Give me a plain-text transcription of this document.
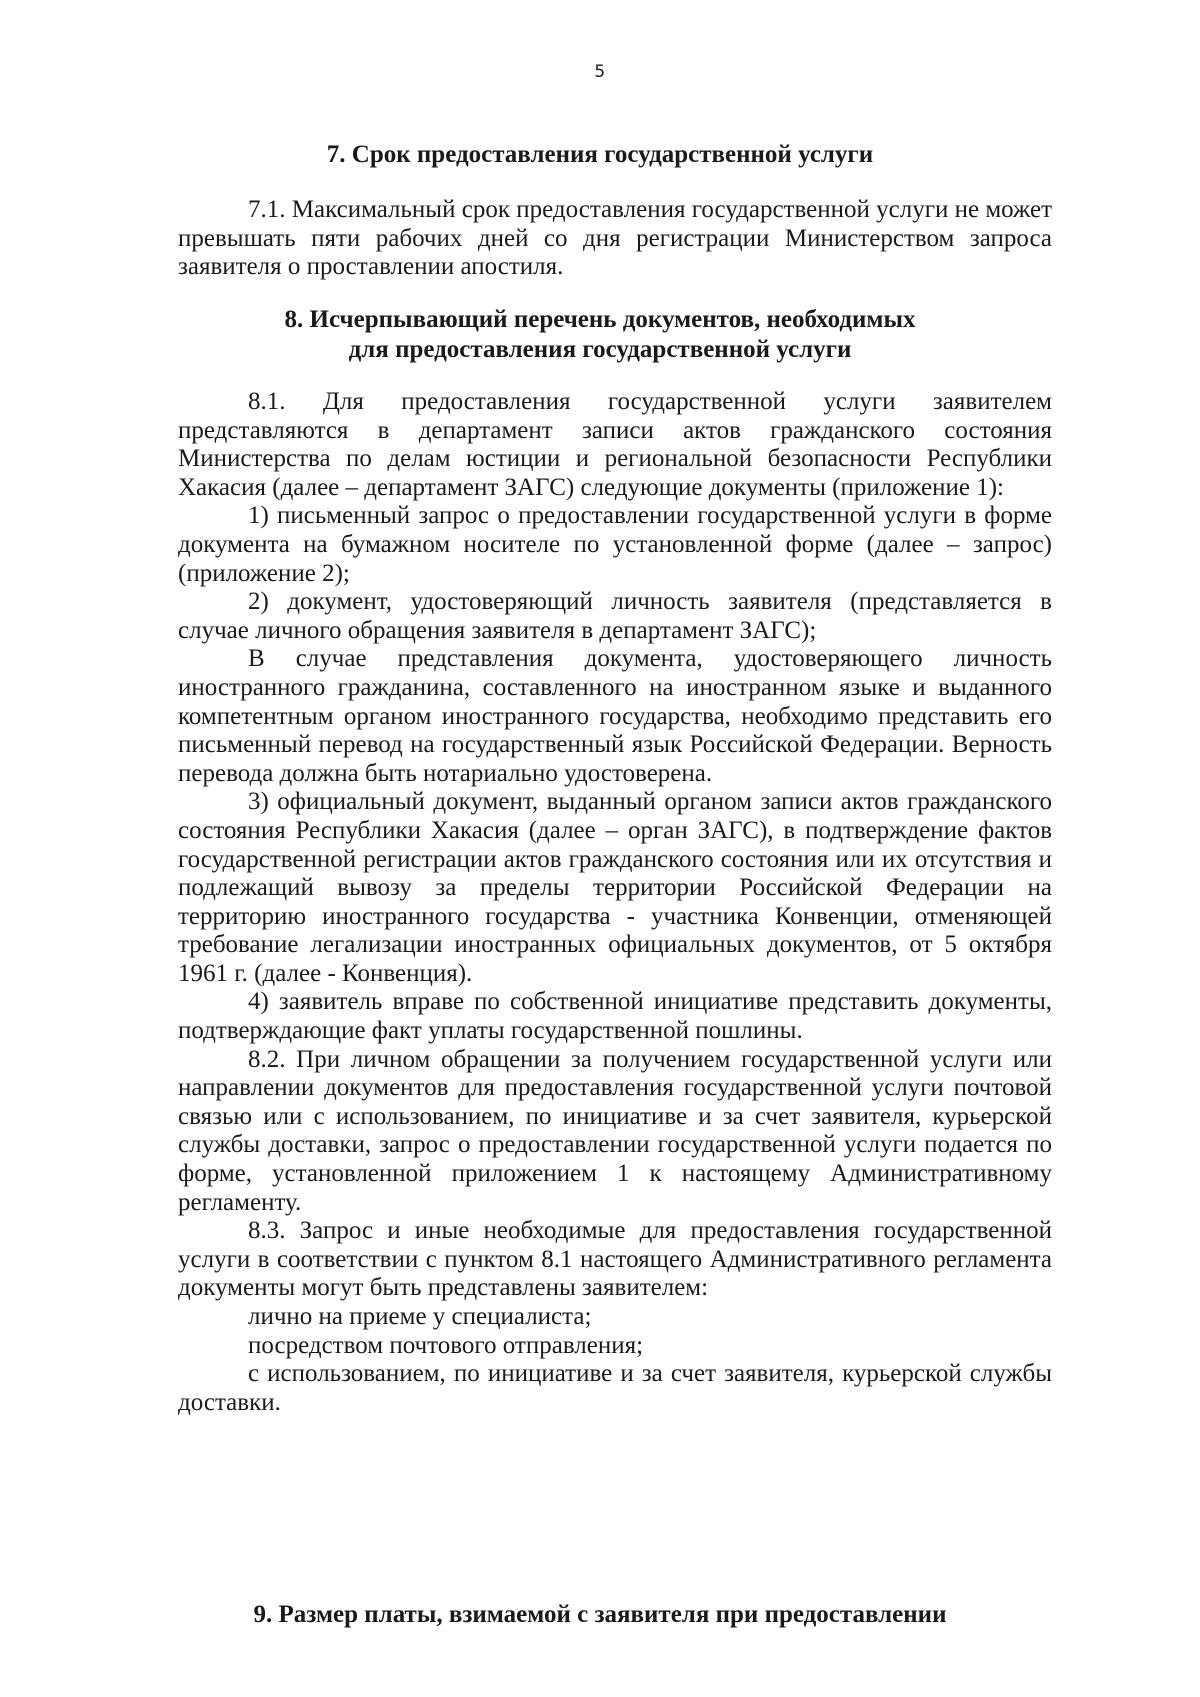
5
7. Срок предоставления государственной услуги

7.1. Максимальный срок предоставления государственной услуги не может превышать пяти рабочих дней со дня регистрации Министерством запроса заявителя о проставлении апостиля.

8. Исчерпывающий перечень документов, необходимых
для предоставления государственной услуги

8.1. Для предоставления государственной услуги заявителем представляются в департамент записи актов гражданского состояния Министерства по делам юстиции и региональной безопасности Республики Хакасия (далее – департамент ЗАГС) следующие документы (приложение 1):

1) письменный запрос о предоставлении государственной услуги в форме документа на бумажном носителе по установленной форме (далее – запрос) (приложение 2);

2) документ, удостоверяющий личность заявителя (представляется в случае личного обращения заявителя в департамент ЗАГС);

В случае представления документа, удостоверяющего личность иностранного гражданина, составленного на иностранном языке и выданного компетентным органом иностранного государства, необходимо представить его письменный перевод на государственный язык Российской Федерации. Верность перевода должна быть нотариально удостоверена.

3) официальный документ, выданный органом записи актов гражданского состояния Республики Хакасия (далее – орган ЗАГС), в подтверждение фактов государственной регистрации актов гражданского состояния или их отсутствия и подлежащий вывозу за пределы территории Российской Федерации на территорию иностранного государства - участника Конвенции, отменяющей требование легализации иностранных официальных документов, от 5 октября 1961 г. (далее - Конвенция).

4) заявитель вправе по собственной инициативе представить документы, подтверждающие факт уплаты государственной пошлины.

8.2. При личном обращении за получением государственной услуги или направлении документов для предоставления государственной услуги почтовой связью или с использованием, по инициативе и за счет заявителя, курьерской службы доставки, запрос о предоставлении государственной услуги подается по форме, установленной приложением 1 к настоящему Административному регламенту.

8.3. Запрос и иные необходимые для предоставления государственной услуги в соответствии с пунктом 8.1 настоящего Административного регламента документы могут быть представлены заявителем:

лично на приеме у специалиста;

посредством почтового отправления;

с использованием, по инициативе и за счет заявителя, курьерской службы доставки.

9. Размер платы, взимаемой с заявителя при предоставлении
